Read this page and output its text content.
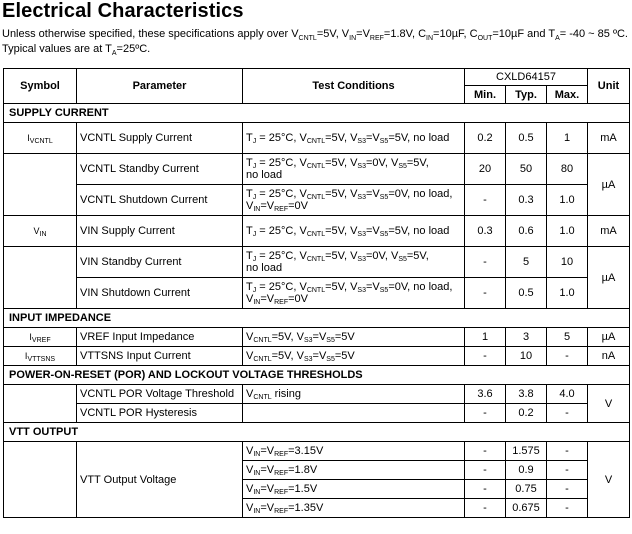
Electrical Characteristics
Unless otherwise specified, these specifications apply over $V_{CNTL}=5V$, $V_{IN}=V_{REF}=1.8V$, $C_{IN}=10\mu F$, $C_{OUT}=10\mu F$ and $T_A= -40$ ~ 85 ºC.
Typical values are at $T_A=25ºC$.
Symbol	Parameter	Test Conditions	CXLD64157			Unit
			Min.	Typ.	Max.	
SUPPLY CURRENT						
$I_{VCNTL}$	VCNTL Supply Current	$T_J = 25^\circ C$, $V_{CNTL}=5V$, $V_{S3}=V_{S5}=5V$, no load	0.2	0.5	1	mA
	VCNTL Standby Current	$T_J = 25^\circ C$, $V_{CNTL}=5V$, $V_{S3}=0V$, $V_{S5}=5V$,
no load	20	50	80	µA
	VCNTL Shutdown Current	$T_J = 25^\circ C$, $V_{CNTL}=5V$, $V_{S3}=V_{S5}=0V$, no load,
$V_{IN}=V_{REF}=0V$	-	0.3	1.0	
$V_{IN}$	VIN Supply Current	$T_J = 25^\circ C$, $V_{CNTL}=5V$, $V_{S3}=V_{S5}=5V$, no load	0.3	0.6	1.0	mA
	VIN Standby Current	$T_J = 25^\circ C$, $V_{CNTL}=5V$, $V_{S3}=0V$, $V_{S5}=5V$,
no load	-	5	10	µA
	VIN Shutdown Current	$T_J = 25^\circ C$, $V_{CNTL}=5V$, $V_{S3}=V_{S5}=0V$, no load,
$V_{IN}=V_{REF}=0V$	-	0.5	1.0	
INPUT IMPEDANCE						
$I_{VREF}$	VREF Input Impedance	$V_{CNTL}=5V$, $V_{S3}=V_{S5}=5V$	1	3	5	µA
$I_{VTTSNS}$	VTTSNS Input Current	$V_{CNTL}=5V$, $V_{S3}=V_{S5}=5V$	-	10	-	nA
POWER-ON-RESET (POR) AND LOCKOUT VOLTAGE THRESHOLDS						
	VCNTL POR Voltage Threshold	$V_{CNTL}$ rising	3.6	3.8	4.0	V
	VCNTL POR Hysteresis		-	0.2	-	
VTT OUTPUT						
	VTT Output Voltage	$V_{IN}=V_{REF}=3.15V$	-	1.575	-	V
		$V_{IN}=V_{REF}=1.8V$	-	0.9	-	
		$V_{IN}=V_{REF}=1.5V$	-	0.75	-	
		$V_{IN}=V_{REF}=1.35V$	-	0.675	-	
